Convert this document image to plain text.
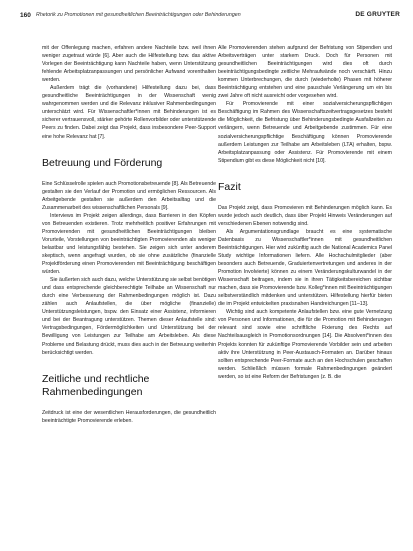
160 Rhetorik zu Promotionen mit gesundheitlichen Beeinträchtigungen oder Behinderungen	DE GRUYTER

mit der Offenlegung machen, erfahren andere Nachteile bzw. weil ihnen weniger zugetraut würde [6]. Aber auch die Hilfestellung bzw. das aktive Vorlegen der Beeinträchtigung kann Nachteile haben, wenn Unterstützung fehlende Arbeitsplatzanpassungen und persönlicher Aufwand vorenthalten werden.

Außerdem trägt die (vorhandene) Hilfestellung dazu bei, dass gesundheitliche Beeinträchtigungen in der Wissenschaft wenig wahrgenommen werden und die Relevanz inklusiver Rahmenbedingungen unterschätzt wird. Für Wissenschaftler*innen mit Behinderungen ist es sicherer vertrauensvoll, stärker gehörte Rollenvorbilder oder unterstützende Peers zu finden. Dabei zeigt das Projekt, dass insbesondere Peer-Support eine hohe Relevanz hat [7].

Betreuung und Förderung

Eine Schlüsselrolle spielen auch Promotionsbetreuende [8]. Als Betreuende gestalten sie den Verlauf der Promotion und ermöglichen Ressourcen. Als Arbeitgebende gestalten sie außerdem den Arbeitsalltag und die Zusammenarbeit des wissenschaftlichen Personals [9].

Interviews im Projekt zeigen allerdings, dass Barrieren in den Köpfen von Betreuenden existieren. Trotz mehrheitlich positiver Erfahrungen mit Promovierenden mit gesundheitlichen Beeinträchtigungen bleiben Vorurteile, Vorstellungen von beeinträchtigten Promovierenden als weniger belastbar und leistungsfähig bestehen. Sie zeigen sich unter anderem skeptisch, wenn angefragt wurden, ob sie ohne zusätzliche (finanzielle Projektförderung einen Promovierenden mit Beeinträchtigung beschäftigen würden.

Sie äußerten sich auch dazu, welche Unterstützung sie selbst benötigen und dass entsprechende gleichberechtigte Teilhabe an Wissenschaft nur durch eine Verbesserung der Rahmenbedingungen möglich ist. Dazu zählen auch Anlaufstellen, die über mögliche (finanzielle) Unterstützungsleistungen, bspw. den Einsatz einer Assistenz, informieren und bei der Beantragung unterstützen. Themen dieser Anlaufstelle sind: Vertragsbedingungen, Fördermöglichkeiten und Unterstützung bei der Bewilligung von Leistungen zur Teilhabe am Arbeitsleben. Als diese Probleme und Belastung drückt, muss dies auch in der Betreuung weiterhin berücksichtigt werden.

Zeitliche und rechtliche Rahmenbedingungen

Zeitdruck ist eine der wesentlichen Herausforderungen, die gesundheitlich beeinträchtigte Promovierende erleben.

Alle Promovierenden stehen aufgrund der Befristung von Stipendien und Arbeitsverträgen unter starkem Druck. Doch für Personen mit gesundheitlichen Beeinträchtigungen wird dies oft durch beeinträchtigungsbedingte zeitliche Mehraufwände noch verschärft. Hinzu kommen Unterbrechungen, die durch (wiederholte) Phasen mit höherer Beeinträchtigung entstehen und eine pauschale Verlängerung um ein bis zwei Jahre oft nicht ausreicht oder vorgesehen wird.

Für Promovierende mit einer sozialversicherungspflichtigen Beschäftigung im Rahmen des Wissenschaftszeitvertragsgesetzes besteht die Möglichkeit, die Befristung über Behinderungsbedingte Ausfallzeiten zu verlängern, wenn Betreuende und Arbeitgebende zustimmen. Für eine sozialversicherungspflichtige Beschäftigung können Promovierende außerdem Leistungen zur Teilhabe am Arbeitsleben (LTA) erhalten, bspw. Arbeitsplatzanpassung oder Assistenz. Für Promovierende mit einem Stipendium gibt es diese Möglichkeit nicht [10].

Fazit

Das Projekt zeigt, dass Promovieren mit Behinderungen möglich kann. Es wurde jedoch auch deutlich, dass über Projekt Hinweis Veränderungen auf verschiedenen Ebenen notwendig sind.

Als Argumentationsgrundlage braucht es eine systematische Datenbasis zu Wissenschaftler*innen mit gesundheitlichen Beeinträchtigungen. Hier wird zukünftig auch die National Academics Panel Study wichtige Informationen liefern. Alle Hochschulmitglieder (aber besonders auch Betreuende, Graduiertenvertretungen und anderes in der Promotion Involvierte) können zu einem Veränderungskulturwandel in der Wissenschaft beitragen, indem sie in ihren Tätigkeitsbereichen sichtbar machen, dass sie Promovierende bzw. Kolleg*innen mit Beeinträchtigungen selbstverständlich mitdenken und unterstützen. Hilfestellung hierfür bieten die im Projekt entwickelten praxisnahen Handreichungen [11–13].

Wichtig sind auch kompetente Anlaufstellen bzw. eine gute Vernetzung von Personen und Informationen, die für die Promotion mit Behinderungen relevant sind sowie eine schriftliche Fixierung des Rechts auf Nachteilsausgleich in Promotionsordnungen [14]. Die Absolvent*innen des Projekts konnten für zukünftige Promovierende Vorbilder sein und arbeiten aktiv ihre Unterstützung in Peer-Austausch-Formaten an. Darüber hinaus sollten entsprechende Peer-Formate auch an den Hochschulen geschaffen werden. Schließlich müssen formale Rahmenbedingungen geändert werden, so ist eine Reform der Befristungen (z. B. die
